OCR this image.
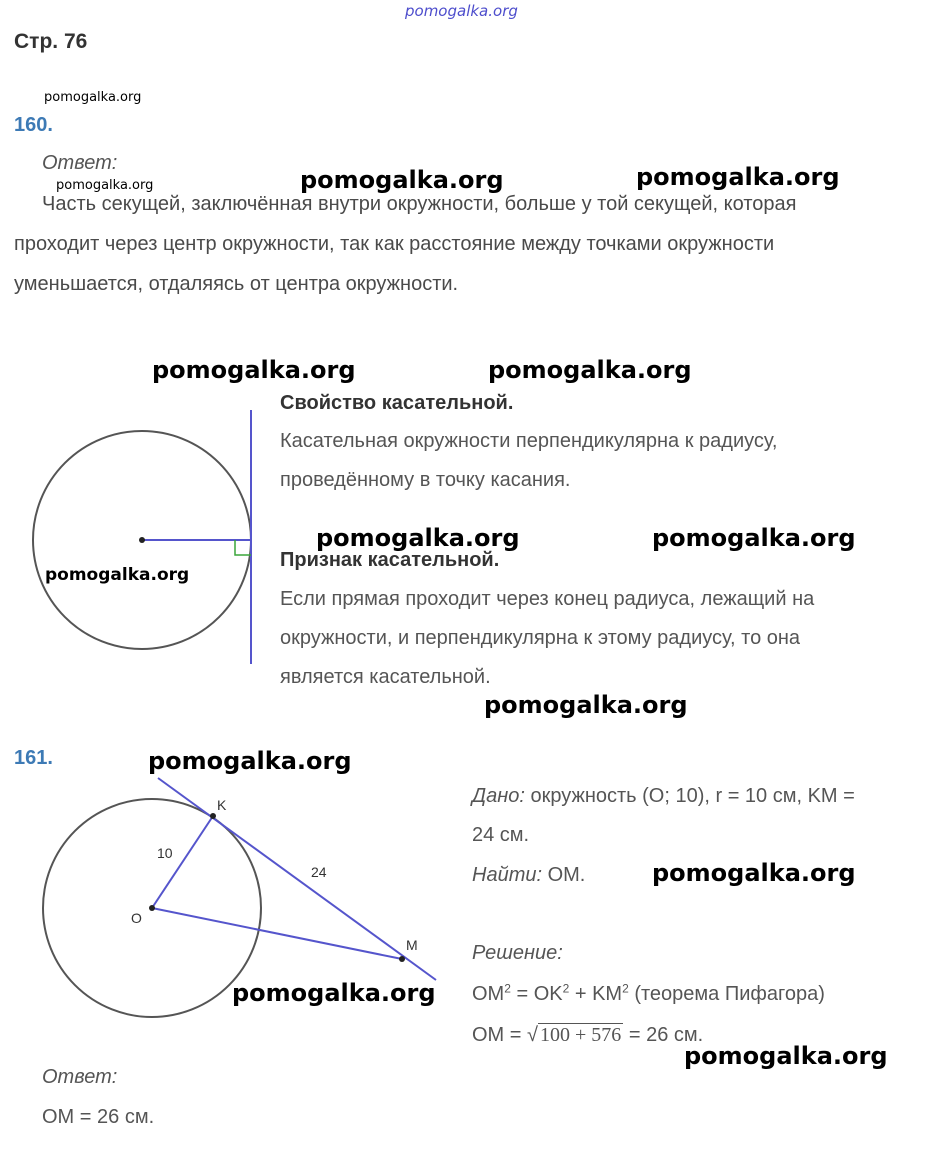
pomogalka.org
Стр. 76
pomogalka.org
160.
Ответ:
pomogalka.org	pomogalka.org	pomogalka.org
Часть секущей, заключённая внутри окружности, больше у той секущей, которая
проходит через центр окружности, так как расстояние между точками окружности
уменьшается, отдаляясь от центра окружности.
pomogalka.org	pomogalka.org
pomogalka.org
Свойство касательной.
Касательная окружности перпендикулярна к радиусу,
проведённому в точку касания.
pomogalka.org	pomogalka.org
Признак касательной.
Если прямая проходит через конец радиуса, лежащий на
окружности, и перпендикулярна к этому радиусу, то она
является касательной.
pomogalka.org
161.	pomogalka.org
K
O
M
10
24
pomogalka.org
Дано: окружность (O; 10), r = 10 см, KM =
24 см.
Найти: OM.	pomogalka.org
Решение:
$OM^2 = OK^2 + KM^2$ (теорема Пифагора)
OM = √ 100 + 576 = 26 см.
pomogalka.org
Ответ:
OM = 26 см.
